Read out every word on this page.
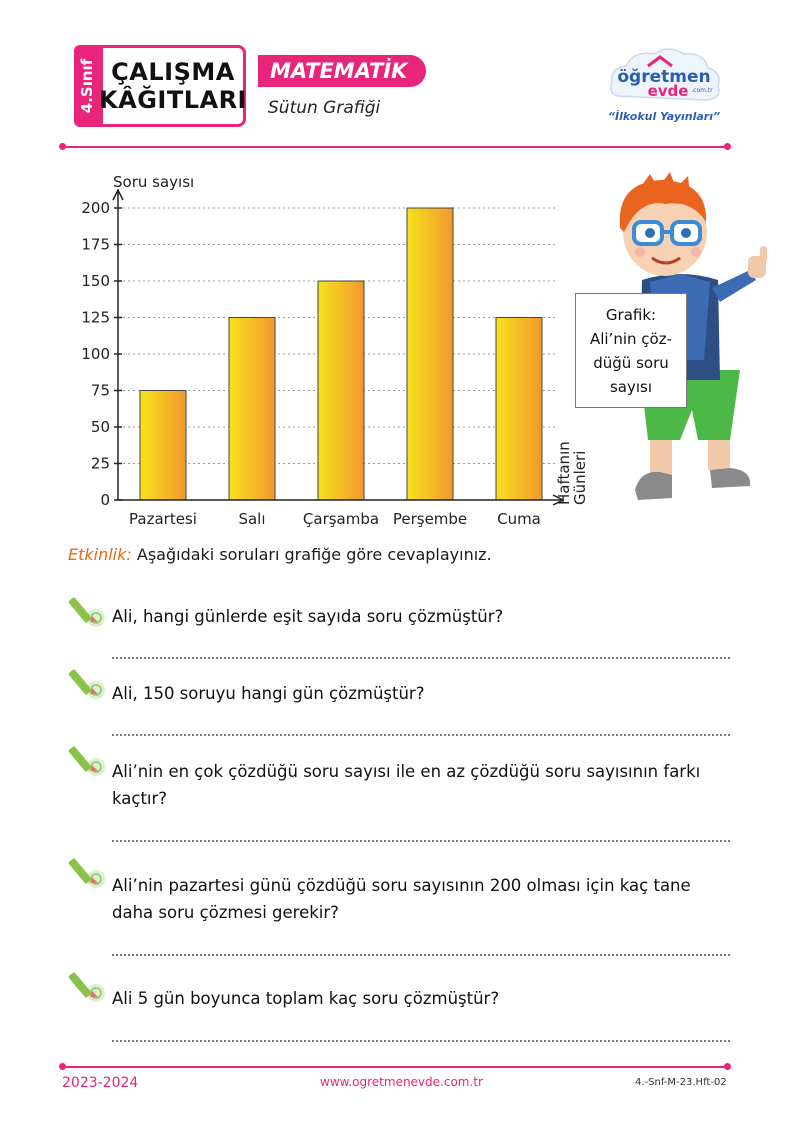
4.Sınıf ÇALIŞMA
KÂĞITLARI
MATEMATİK
Sütun Grafiği
öğretmen
evde .com.tr
“İlkokul Yayınları”
0
25
50
75
100
125
150
175
200
Pazartesi	Salı Çarşamba Perşembe Cuma
Soru sayısı
Haftanın
Günleri
Grafik:
Ali’nin çöz-
düğü soru
sayısı
Etkinlik: Aşağıdaki soruları grafiğe göre cevaplayınız.
Ali, hangi günlerde eşit sayıda soru çözmüştür?
Ali, 150 soruyu hangi gün çözmüştür?
Ali’nin en çok çözdüğü soru sayısı ile en az çözdüğü soru sayısının farkı kaçtır?
Ali’nin pazartesi günü çözdüğü soru sayısının 200 olması için kaç tane daha soru çözmesi gerekir?
Ali 5 gün boyunca toplam kaç soru çözmüştür?
2023-2024	www.ogretmenevde.com.tr	4.-Snf-M-23.Hft-02
